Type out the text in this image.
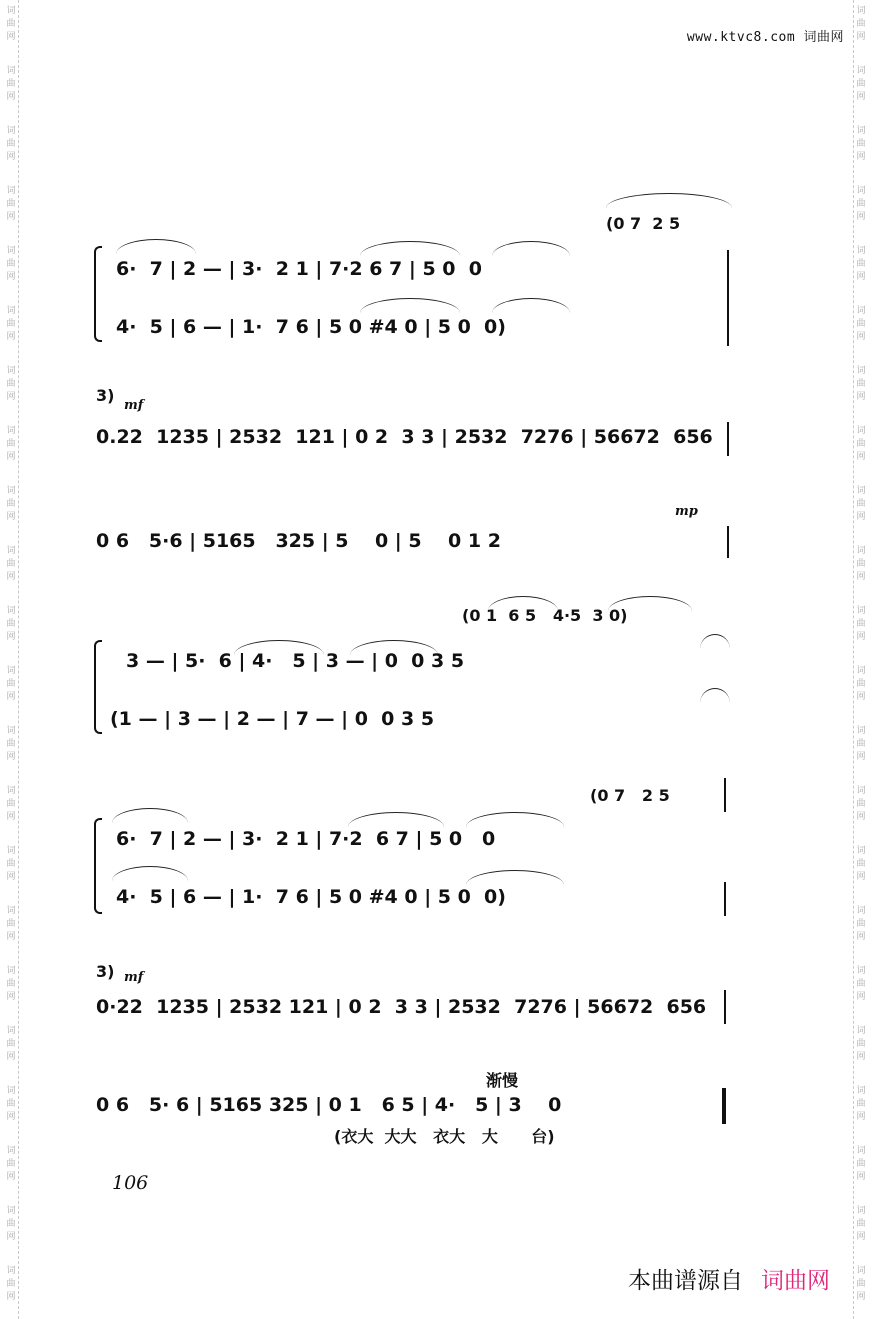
词
曲
网
词
曲
网
词
曲
网
词
曲
网
词
曲
网
词
曲
网
词
曲
网
词
曲
网
词
曲
网
词
曲
网
词
曲
网
词
曲
网
词
曲
网
词
曲
网
词
曲
网
词
曲
网
词
曲
网
词
曲
网
词
曲
网
词
曲
网
词
曲
网
词
曲
网
词
曲
网
词
曲
网
词
曲
网
词
曲
网
词
曲
网
词
曲
网
词
曲
网
词
曲
网
词
曲
网
词
曲
网
词
曲
网
词
曲
网
词
曲
网
词
曲
网
词
曲
网
词
曲
网
词
曲
网
词
曲
网
词
曲
网
词
曲
网
词
曲
网
词
曲
网
www.ktvc8.com 词曲网
(0 7  2 5
6·  7 | 2 — | 3·  2 1 | 7·2 6 7 | 5 0  0
4·  5 | 6 — | 1·  7 6 | 5 0 #4 0 | 5 0  0)
3)
mf
0.22  1235 | 2532  121 | 0 2  3 3 | 2532  7276 | 56672  656
mp
0 6   5·6 | 5165   325 | 5    0 | 5    0 1 2
(0 1  6 5   4·5  3 0)
3 — | 5·  6 | 4·   5 | 3 — | 0  0 3 5
(1 — | 3 — | 2 — | 7 — | 0  0 3 5
(0 7   2 5
6·  7 | 2 — | 3·  2 1 | 7·2  6 7 | 5 0   0
4·  5 | 6 — | 1·  7 6 | 5 0 #4 0 | 5 0  0)
3) mf
0·22  1235 | 2532 121 | 0 2  3 3 | 2532  7276 | 56672  656
渐慢
0 6   5· 6 | 5165 325 | 0 1   6 5 | 4·   5 | 3    0
(衣大  大大   衣大   大      台)
106
本曲谱源自 词曲网
